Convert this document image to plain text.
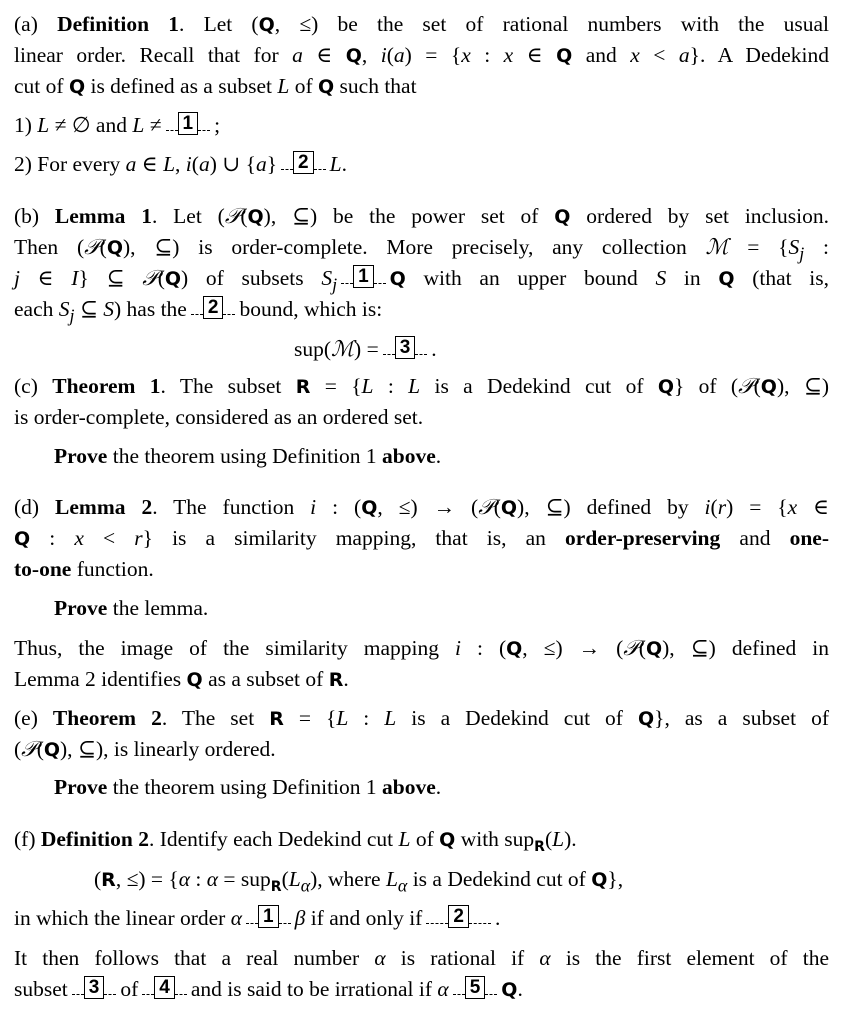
(a) Definition 1. Let (Q, ≤) be the set of rational numbers with the usual
linear order. Recall that for a ∈ Q, i(a) = {x : x ∈ Q and x < a}. A Dedekind
cut of Q is defined as a subset L of Q such that
1) L ≠ ∅ and L ≠ 1 ;
2) For every a ∈ L, i(a) ∪ {a} 2 L.
(b) Lemma 1. Let (𝒫(Q), ⊆) be the power set of Q ordered by set inclusion.
Then (𝒫(Q), ⊆) is order-complete. More precisely, any collection ℳ = {$S_j$ :
j ∈ I} ⊆ 𝒫(Q) of subsets $S_j$ 1 Q with an upper bound S in Q (that is,
each $S_j$ ⊆ S) has the 2 bound, which is:
sup(ℳ) = 3 .
(c) Theorem 1. The subset R = {L : L is a Dedekind cut of Q} of (𝒫(Q), ⊆)
is order-complete, considered as an ordered set.
Prove the theorem using Definition 1 above.
(d) Lemma 2. The function i : (Q, ≤) → (𝒫(Q), ⊆) defined by i(r) = {x ∈
Q : x < r} is a similarity mapping, that is, an order-preserving and one-
to-one function.
Prove the lemma.
Thus, the image of the similarity mapping i : (Q, ≤) → (𝒫(Q), ⊆) defined in
Lemma 2 identifies Q as a subset of R.
(e) Theorem 2. The set R = {L : L is a Dedekind cut of Q}, as a subset of
(𝒫(Q), ⊆), is linearly ordered.
Prove the theorem using Definition 1 above.
(f) Definition 2. Identify each Dedekind cut L of Q with sup$_R$(L).
(R, ≤) = {α : $\alpha = sup_R(L_\alpha)$, where $L_\alpha$ is a Dedekind cut of Q},
in which the linear order α 1 β if and only if 2 .
It then follows that a real number α is rational if α is the first element of the
subset 3 of 4 and is said to be irrational if α 5 Q.
